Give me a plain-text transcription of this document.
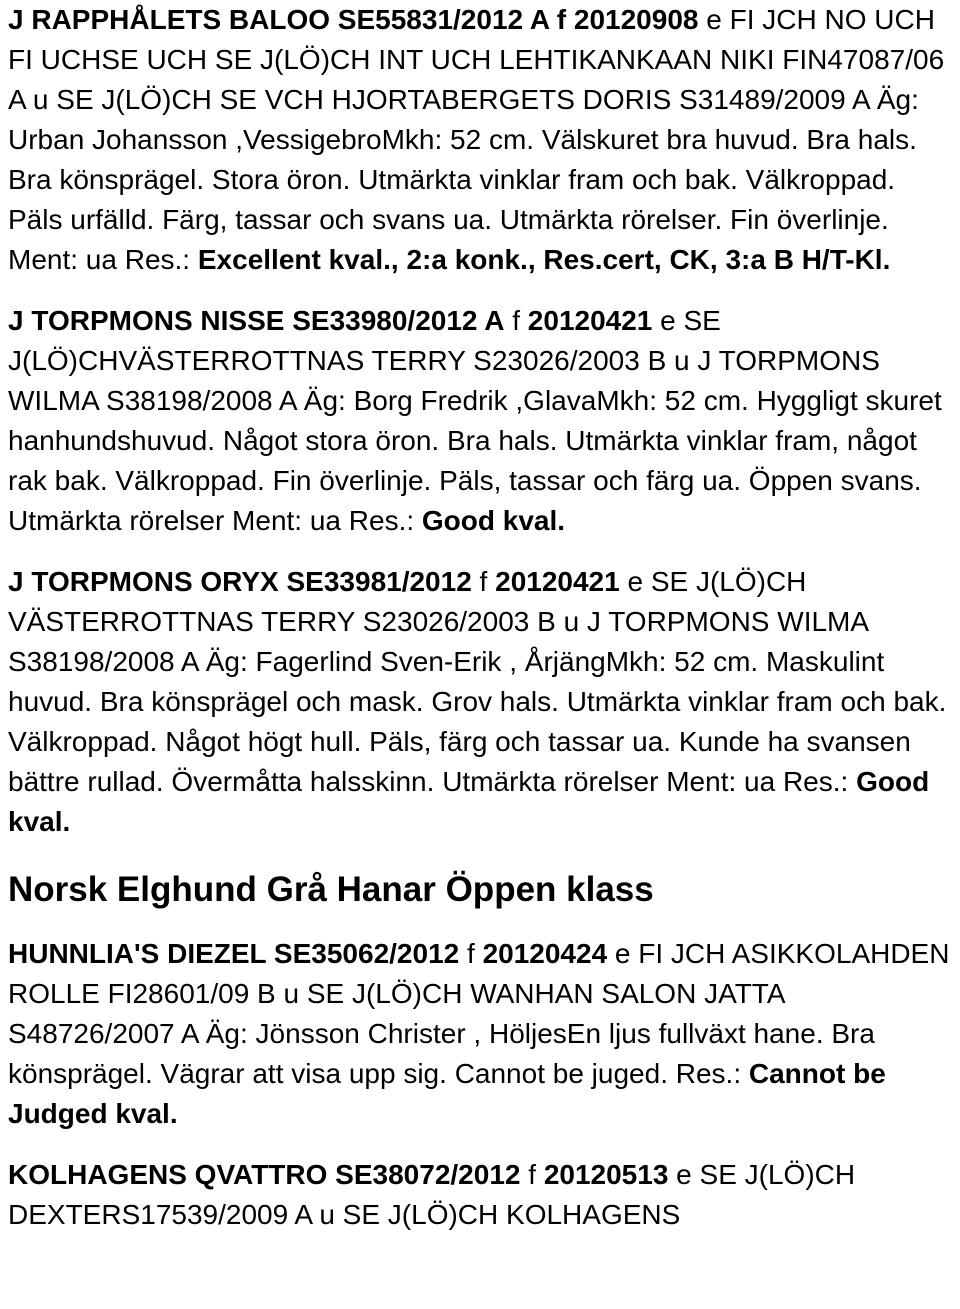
J RAPPHÅLETS BALOO SE55831/2012 A f 20120908 e FI JCH NO UCH FI UCHSE UCH SE J(LÖ)CH INT UCH LEHTIKANKAAN NIKI FIN47087/06 A u SE J(LÖ)CH SE VCH HJORTABERGETS DORIS S31489/2009 A Äg: Urban Johansson ,VessigebroMkh: 52 cm. Välskuret bra huvud. Bra hals. Bra könsprägel. Stora öron. Utmärkta vinklar fram och bak. Välkroppad. Päls urfälld. Färg, tassar och svans ua. Utmärkta rörelser. Fin överlinje. Ment: ua Res.: Excellent kval., 2:a konk., Res.cert, CK, 3:a B H/T-Kl.

J TORPMONS NISSE SE33980/2012 A f 20120421 e SE J(LÖ)CHVÄSTERROTTNAS TERRY S23026/2003 B u J TORPMONS WILMA S38198/2008 A Äg: Borg Fredrik ,GlavaMkh: 52 cm. Hyggligt skuret hanhundshuvud. Något stora öron. Bra hals. Utmärkta vinklar fram, något rak bak. Välkroppad. Fin överlinje. Päls, tassar och färg ua. Öppen svans. Utmärkta rörelser Ment: ua Res.: Good kval.

J TORPMONS ORYX SE33981/2012 f 20120421 e SE J(LÖ)CH VÄSTERROTTNAS TERRY S23026/2003 B u J TORPMONS WILMA S38198/2008 A Äg: Fagerlind Sven-Erik , ÅrjängMkh: 52 cm. Maskulint huvud. Bra könsprägel och mask. Grov hals. Utmärkta vinklar fram och bak. Välkroppad. Något högt hull. Päls, färg och tassar ua. Kunde ha svansen bättre rullad. Övermåtta halsskinn. Utmärkta rörelser Ment: ua Res.: Good kval.

Norsk Elghund Grå Hanar Öppen klass

HUNNLIA'S DIEZEL SE35062/2012 f 20120424 e FI JCH ASIKKOLAHDEN ROLLE FI28601/09 B u SE J(LÖ)CH WANHAN SALON JATTA S48726/2007 A Äg: Jönsson Christer , HöljesEn ljus fullväxt hane. Bra könsprägel. Vägrar att visa upp sig. Cannot be juged. Res.: Cannot be Judged kval.

KOLHAGENS QVATTRO SE38072/2012 f 20120513 e SE J(LÖ)CH DEXTERS17539/2009 A u SE J(LÖ)CH KOLHAGENS
